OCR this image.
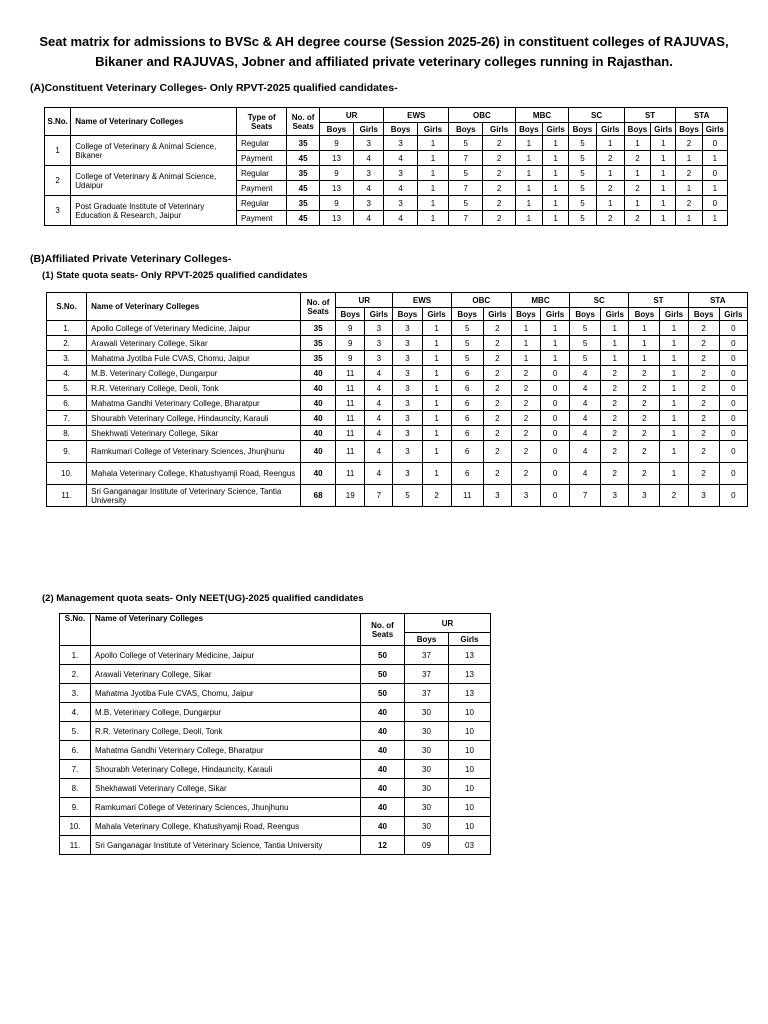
Seat matrix for admissions to BVSc & AH degree course (Session 2025-26) in constituent colleges of RAJUVAS,
Bikaner and RAJUVAS, Jobner and affiliated private veterinary colleges running in Rajasthan.
(A)Constituent Veterinary Colleges- Only RPVT-2025 qualified candidates-
S.No.	Name of Veterinary Colleges	Type of Seats	No. of Seats	UR		EWS		OBC		MBC		SC		ST		STA	
				Boys	Girls	Boys	Girls	Boys	Girls	Boys	Girls	Boys	Girls	Boys	Girls	Boys	Girls
1	College of Veterinary & Animal Science, Bikaner	Regular	35	9	3	3	1	5	2	1	1	5	1	1	1	2	0
		Payment	45	13	4	4	1	7	2	1	1	5	2	2	1	1	1
2	College of Veterinary & Animal Science, Udaipur	Regular	35	9	3	3	1	5	2	1	1	5	1	1	1	2	0
		Payment	45	13	4	4	1	7	2	1	1	5	2	2	1	1	1
3	Post Graduate Institute of Veterinary Education & Research, Jaipur	Regular	35	9	3	3	1	5	2	1	1	5	1	1	1	2	0
		Payment	45	13	4	4	1	7	2	1	1	5	2	2	1	1	1
(B)Affiliated Private Veterinary Colleges-
(1) State quota seats- Only RPVT-2025 qualified candidates
S.No.	Name of Veterinary Colleges	No. of Seats	UR		EWS		OBC		MBC		SC		ST		STA	
			Boys	Girls	Boys	Girls	Boys	Girls	Boys	Girls	Boys	Girls	Boys	Girls	Boys	Girls
1.	Apollo College of Veterinary Medicine, Jaipur	35	9	3	3	1	5	2	1	1	5	1	1	1	2	0
2.	Arawali Veterinary College, Sikar	35	9	3	3	1	5	2	1	1	5	1	1	1	2	0
3.	Mahatma Jyotiba Fule CVAS, Chomu, Jaipur	35	9	3	3	1	5	2	1	1	5	1	1	1	2	0
4.	M.B. Veterinary College, Dungarpur	40	11	4	3	1	6	2	2	0	4	2	2	1	2	0
5.	R.R. Veterinary College, Deoli, Tonk	40	11	4	3	1	6	2	2	0	4	2	2	1	2	0
6.	Mahatma Gandhi Veterinary College, Bharatpur	40	11	4	3	1	6	2	2	0	4	2	2	1	2	0
7.	Shourabh Veterinary College, Hindauncity, Karauli	40	11	4	3	1	6	2	2	0	4	2	2	1	2	0
8.	Shekhwati Veterinary College, Sikar	40	11	4	3	1	6	2	2	0	4	2	2	1	2	0
9.	Ramkumari College of Veterinary Sciences, Jhunjhunu	40	11	4	3	1	6	2	2	0	4	2	2	1	2	0
10.	Mahala Veterinary College, Khatushyamji Road, Reengus	40	11	4	3	1	6	2	2	0	4	2	2	1	2	0
11.	Sri Ganganagar Institute of Veterinary Science, Tantia University	68	19	7	5	2	11	3	3	0	7	3	3	2	3	0
(2) Management quota seats- Only NEET(UG)-2025 qualified candidates
S.No.	Name of Veterinary Colleges	No. of Seats	UR	
			Boys	Girls
1.	Apollo College of Veterinary Medicine, Jaipur	50	37	13
2.	Arawali Veterinary College, Sikar	50	37	13
3.	Mahatma Jyotiba Fule CVAS, Chomu, Jaipur	50	37	13
4.	M.B. Veterinary College, Dungarpur	40	30	10
5.	R.R. Veterinary College, Deoli, Tonk	40	30	10
6.	Mahatma Gandhi Veterinary College, Bharatpur	40	30	10
7.	Shourabh Veterinary College, Hindauncity, Karauli	40	30	10
8.	Shekhawati Veterinary College, Sikar	40	30	10
9.	Ramkumari College of Veterinary Sciences, Jhunjhunu	40	30	10
10.	Mahala Veterinary College, Khatushyamji Road, Reengus	40	30	10
11.	Sri Ganganagar Institute of Veterinary Science, Tantia University	12	09	03
